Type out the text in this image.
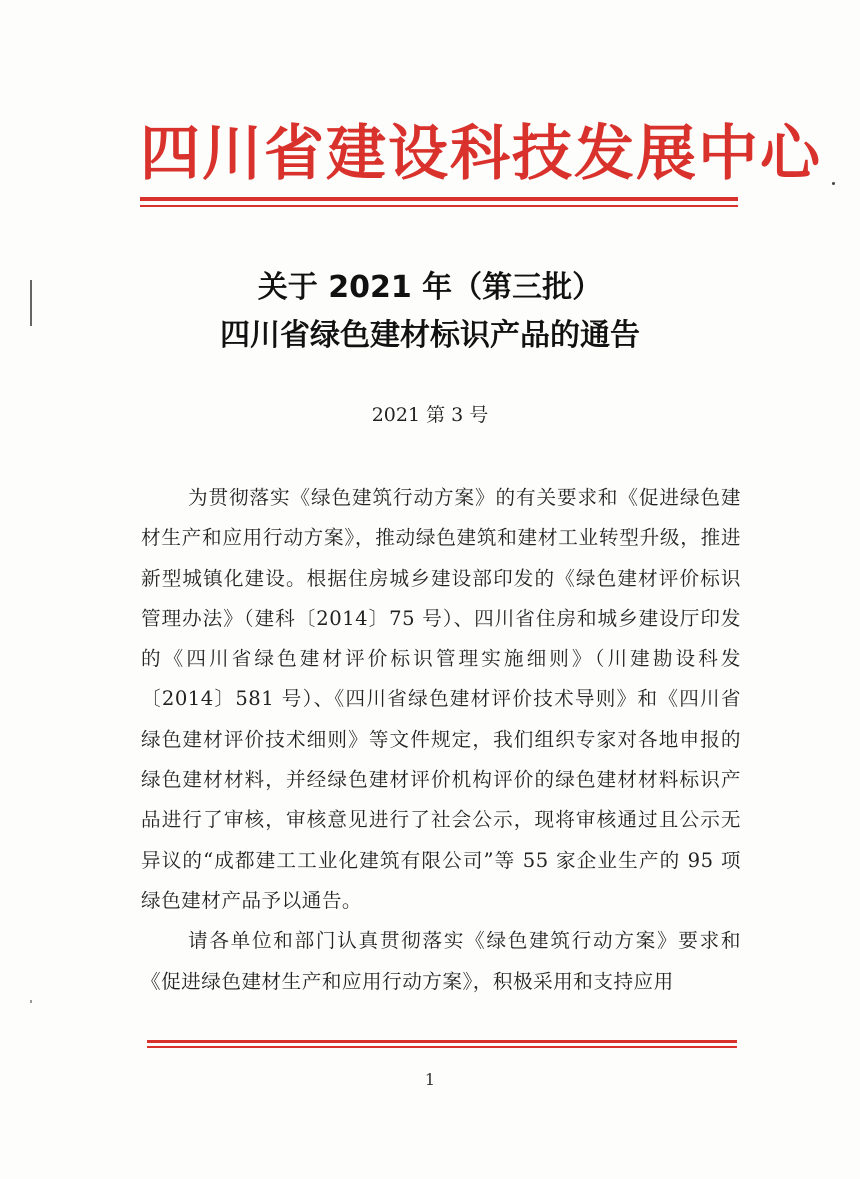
四川省建设科技发展中心
关于 2021 年（第三批）
四川省绿色建材标识产品的通告
2021 第 3 号

为贯彻落实《绿色建筑行动方案》的有关要求和《促进绿色建材生产和应用行动方案》，推动绿色建筑和建材工业转型升级，推进新型城镇化建设。根据住房城乡建设部印发的《绿色建材评价标识管理办法》（建科〔2014〕75 号）、四川省住房和城乡建设厅印发的《四川省绿色建材评价标识管理实施细则》（川建勘设科发〔2014〕581 号）、《四川省绿色建材评价技术导则》和《四川省绿色建材评价技术细则》等文件规定，我们组织专家对各地申报的绿色建材材料，并经绿色建材评价机构评价的绿色建材材料标识产品进行了审核，审核意见进行了社会公示，现将审核通过且公示无异议的“成都建工工业化建筑有限公司”等 55 家企业生产的 95 项绿色建材产品予以通告。

请各单位和部门认真贯彻落实《绿色建筑行动方案》要求和《促进绿色建材生产和应用行动方案》，积极采用和支持应用

1
